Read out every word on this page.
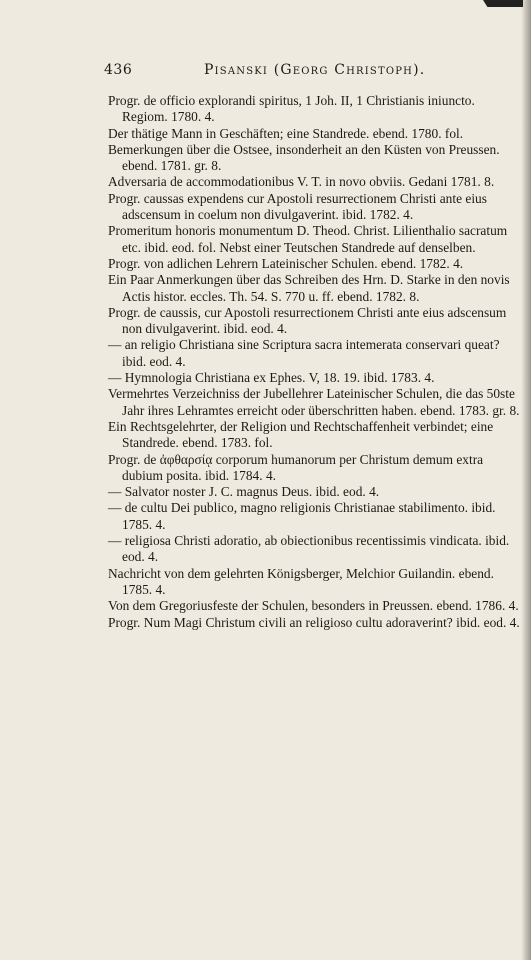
436	Pisanski (Georg Christoph).

Progr. de officio explorandi spiritus, 1 Joh. II, 1 Christianis iniuncto. Regiom. 1780. 4.

Der thätige Mann in Geschäften; eine Standrede. ebend. 1780. fol.

Bemerkungen über die Ostsee, insonderheit an den Küsten von Preussen. ebend. 1781. gr. 8.

Adversaria de accommodationibus V. T. in novo obviis. Gedani 1781. 8.

Progr. caussas expendens cur Apostoli resurrectionem Christi ante eius adscensum in coelum non divulgaverint. ibid. 1782. 4.

Promeritum honoris monumentum D. Theod. Christ. Lilienthalio sacratum etc. ibid. eod. fol. Nebst einer Teutschen Standrede auf denselben.

Progr. von adlichen Lehrern Lateinischer Schulen. ebend. 1782. 4.

Ein Paar Anmerkungen über das Schreiben des Hrn. D. Starke in den novis Actis histor. eccles. Th. 54. S. 770 u. ff. ebend. 1782. 8.

Progr. de caussis, cur Apostoli resurrectionem Christi ante eius adscensum non divulgaverint. ibid. eod. 4.

— an religio Christiana sine Scriptura sacra intemerata conservari queat? ibid. eod. 4.

— Hymnologia Christiana ex Ephes. V, 18. 19. ibid. 1783. 4.

Vermehrtes Verzeichniss der Jubellehrer Lateinischer Schulen, die das 50ste Jahr ihres Lehramtes erreicht oder überschritten haben. ebend. 1783. gr. 8.

Ein Rechtsgelehrter, der Religion und Rechtschaffenheit verbindet; eine Standrede. ebend. 1783. fol.

Progr. de ἀφθαρσίᾳ corporum humanorum per Christum demum extra dubium posita. ibid. 1784. 4.

— Salvator noster J. C. magnus Deus. ibid. eod. 4.

— de cultu Dei publico, magno religionis Christianae stabilimento. ibid. 1785. 4.

— religiosa Christi adoratio, ab obiectionibus recentissimis vindicata. ibid. eod. 4.

Nachricht von dem gelehrten Königsberger, Melchior Guilandin. ebend. 1785. 4.

Von dem Gregoriusfeste der Schulen, besonders in Preussen. ebend. 1786. 4.

Progr. Num Magi Christum civili an religioso cultu adoraverint? ibid. eod. 4.
